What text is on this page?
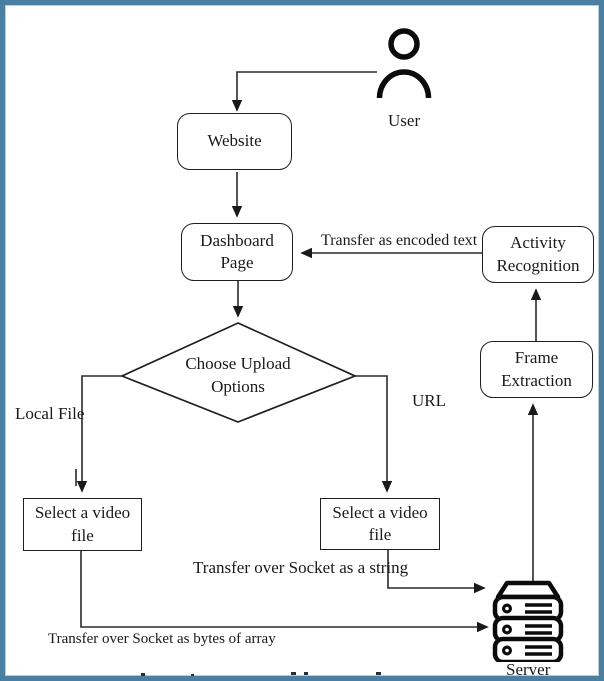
User
Website
Dashboard
Page
Activity
Recognition
Frame
Extraction
Choose Upload
Options
Select a video
file
Select a video
file
Server
Transfer as encoded text
Local File
URL
Transfer over Socket as a string
Transfer over Socket as bytes of array
